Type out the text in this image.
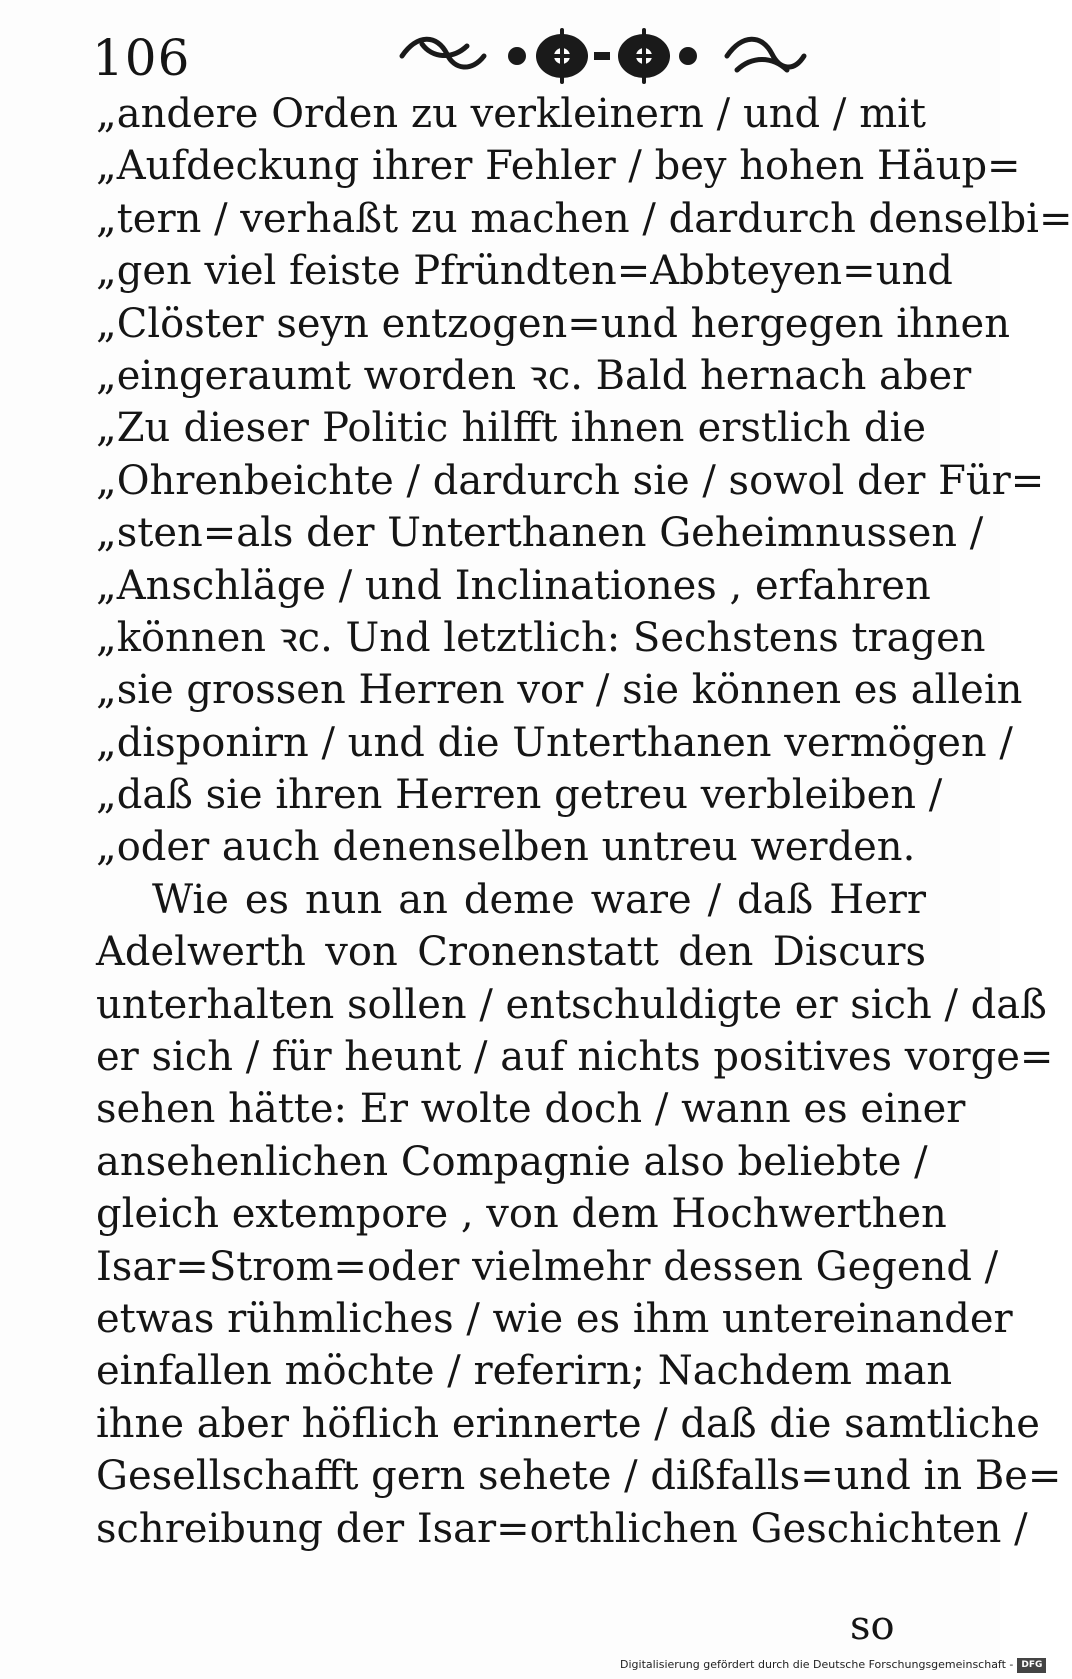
106
„andere Orden zu verkleinern / und / mit
„Aufdeckung ihrer Fehler / bey hohen Häup=
„tern / verhaßt zu machen / dardurch denselbi=
„gen viel feiste Pfründten=Abbteyen=und
„Clöster seyn entzogen=und hergegen ihnen
„eingeraumt worden ꝛc. Bald hernach aber
„Zu dieser Politic hilfft ihnen erstlich die
„Ohrenbeichte / dardurch sie / sowol der Für=
„sten=als der Unterthanen Geheimnussen /
„Anschläge / und Inclinationes , erfahren
„können ꝛc. Und letztlich: Sechstens tragen
„sie grossen Herren vor / sie können es allein
„disponirn / und die Unterthanen vermögen /
„daß sie ihren Herren getreu verbleiben /
„oder auch denenselben untreu werden.
Wie es nun an deme ware / daß Herr
Adelwerth von Cronenstatt den Discurs
unterhalten sollen / entschuldigte er sich / daß
er sich / für heunt / auf nichts positives vorge=
sehen hätte: Er wolte doch / wann es einer
ansehenlichen Compagnie also beliebte /
gleich extempore , von dem Hochwerthen
Isar=Strom=oder vielmehr dessen Gegend /
etwas rühmliches / wie es ihm untereinander
einfallen möchte / referirn; Nachdem man
ihne aber höflich erinnerte / daß die samtliche
Gesellschafft gern sehete / dißfalls=und in Be=
schreibung der Isar=orthlichen Geschichten /
so
Digitalisierung gefördert durch die Deutsche Forschungsgemeinschaft - DFG
